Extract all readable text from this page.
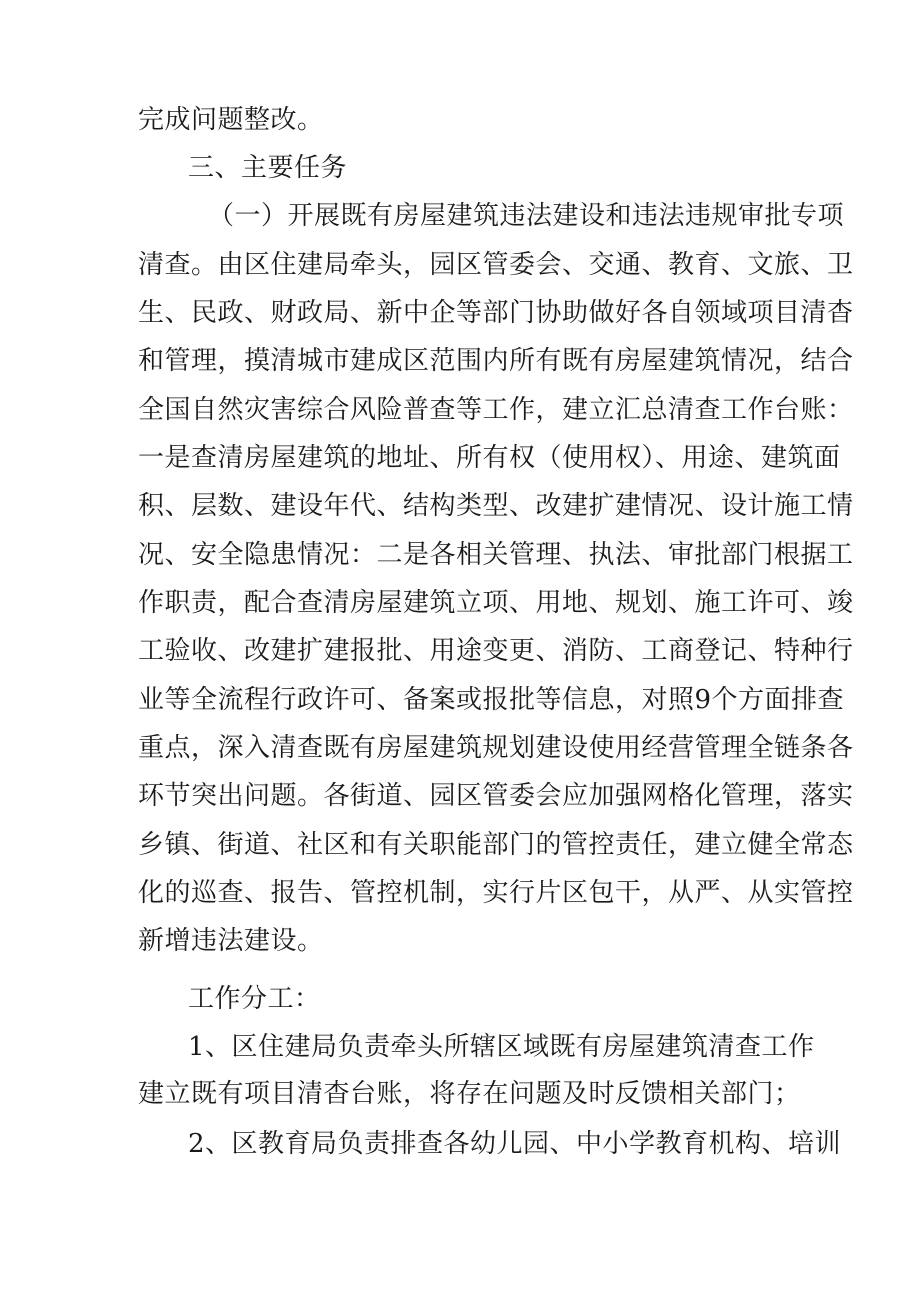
完成问题整改。
三、主要任务
（一）开展既有房屋建筑违法建设和违法违规审批专项
清查。由区住建局牵头，园区管委会、交通、教育、文旅、卫
生、民政、财政局、新中企等部门协助做好各自领域项目清杳
和管理，摸清城市建成区范围内所有既有房屋建筑情况，结合
全国自然灾害综合风险普查等工作，建立汇总清查工作台账：
一是查清房屋建筑的地址、所有权（使用权）、用途、建筑面
积、层数、建设年代、结构类型、改建扩建情况、设计施工情
况、安全隐患情况：二是各相关管理、执法、审批部门根据工
作职责，配合查清房屋建筑立项、用地、规划、施工许可、竣
工验收、改建扩建报批、用途变更、消防、工商登记、特种行
业等全流程行政许可、备案或报批等信息，对照9个方面排查
重点，深入清查既有房屋建筑规划建设使用经营管理全链条各
环节突出问题。各街道、园区管委会应加强网格化管理，落实
乡镇、街道、社区和有关职能部门的管控责任，建立健全常态
化的巡查、报告、管控机制，实行片区包干，从严、从实管控
新增违法建设。
工作分工：
1、区住建局负责牵头所辖区域既有房屋建筑清查工作
建立既有项目清杳台账，将存在问题及时反馈相关部门；
2、区教育局负责排查各幼儿园、中小学教育机构、培训
